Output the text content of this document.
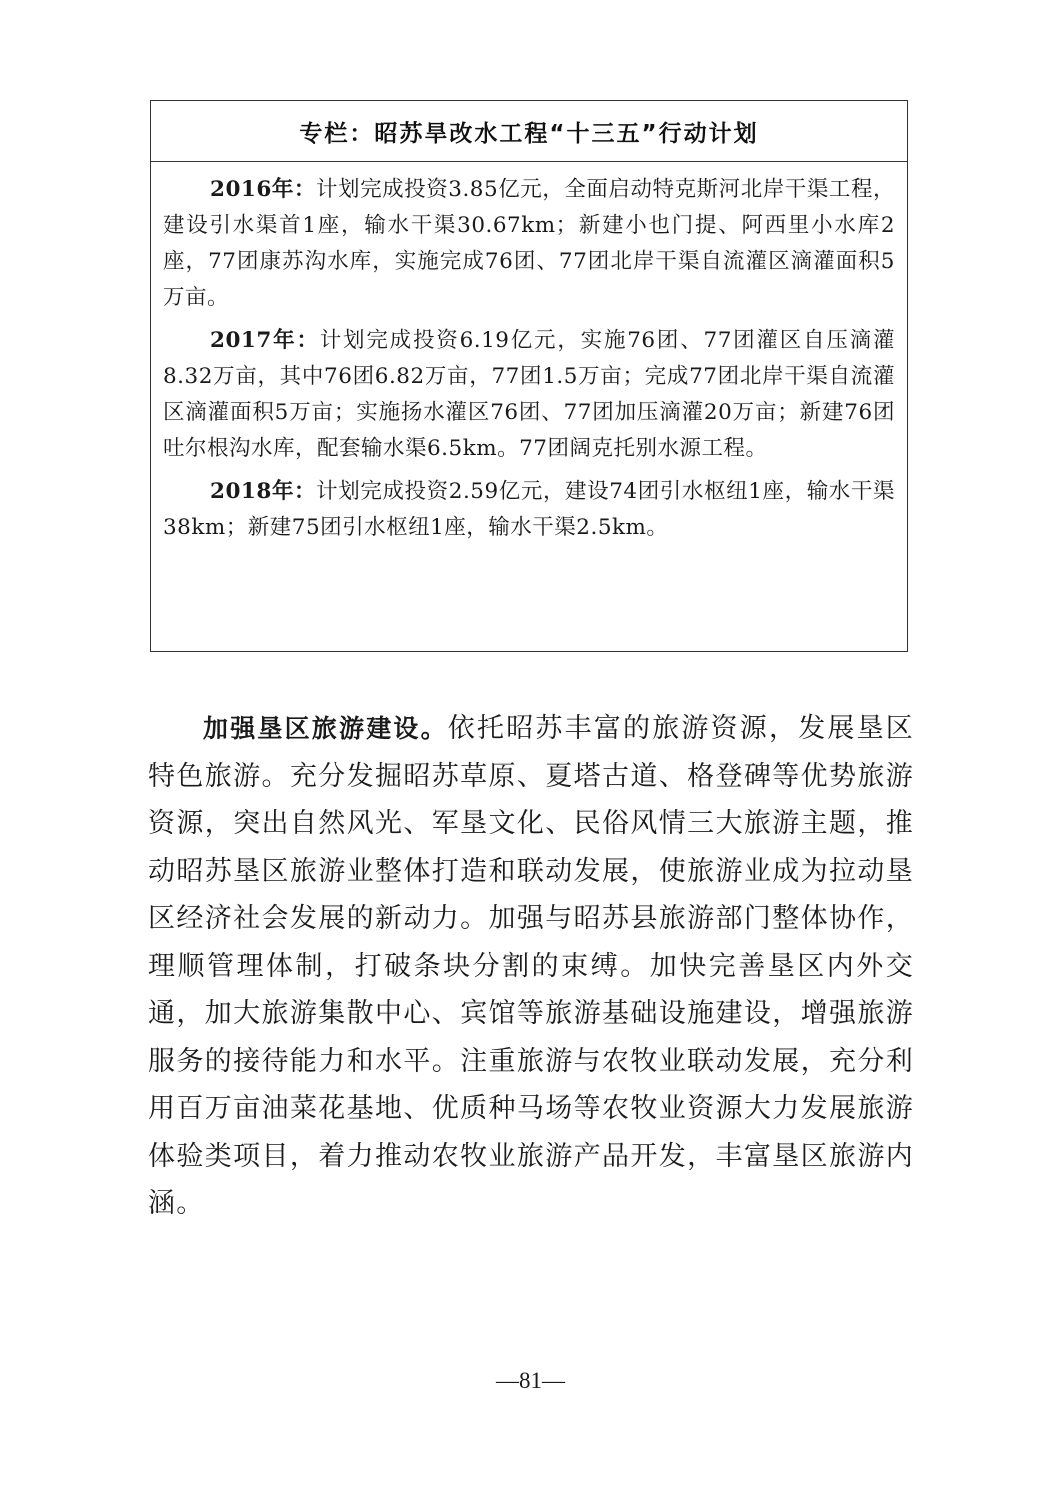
专栏：昭苏旱改水工程“十三五”行动计划

2016年：计划完成投资3.85亿元，全面启动特克斯河北岸干渠工程，建设引水渠首1座，输水干渠30.67km；新建小也门提、阿西里小水库2座，77团康苏沟水库，实施完成76团、77团北岸干渠自流灌区滴灌面积5万亩。

2017年：计划完成投资6.19亿元，实施76团、77团灌区自压滴灌8.32万亩，其中76团6.82万亩，77团1.5万亩；完成77团北岸干渠自流灌区滴灌面积5万亩；实施扬水灌区76团、77团加压滴灌20万亩；新建76团吐尔根沟水库，配套输水渠6.5km。77团阔克托别水源工程。

2018年：计划完成投资2.59亿元，建设74团引水枢纽1座，输水干渠38km；新建75团引水枢纽1座，输水干渠2.5km。

加强垦区旅游建设。依托昭苏丰富的旅游资源，发展垦区特色旅游。充分发掘昭苏草原、夏塔古道、格登碑等优势旅游资源，突出自然风光、军垦文化、民俗风情三大旅游主题，推动昭苏垦区旅游业整体打造和联动发展，使旅游业成为拉动垦区经济社会发展的新动力。加强与昭苏县旅游部门整体协作，理顺管理体制，打破条块分割的束缚。加快完善垦区内外交通，加大旅游集散中心、宾馆等旅游基础设施建设，增强旅游服务的接待能力和水平。注重旅游与农牧业联动发展，充分利用百万亩油菜花基地、优质种马场等农牧业资源大力发展旅游体验类项目，着力推动农牧业旅游产品开发，丰富垦区旅游内涵。

—81—
